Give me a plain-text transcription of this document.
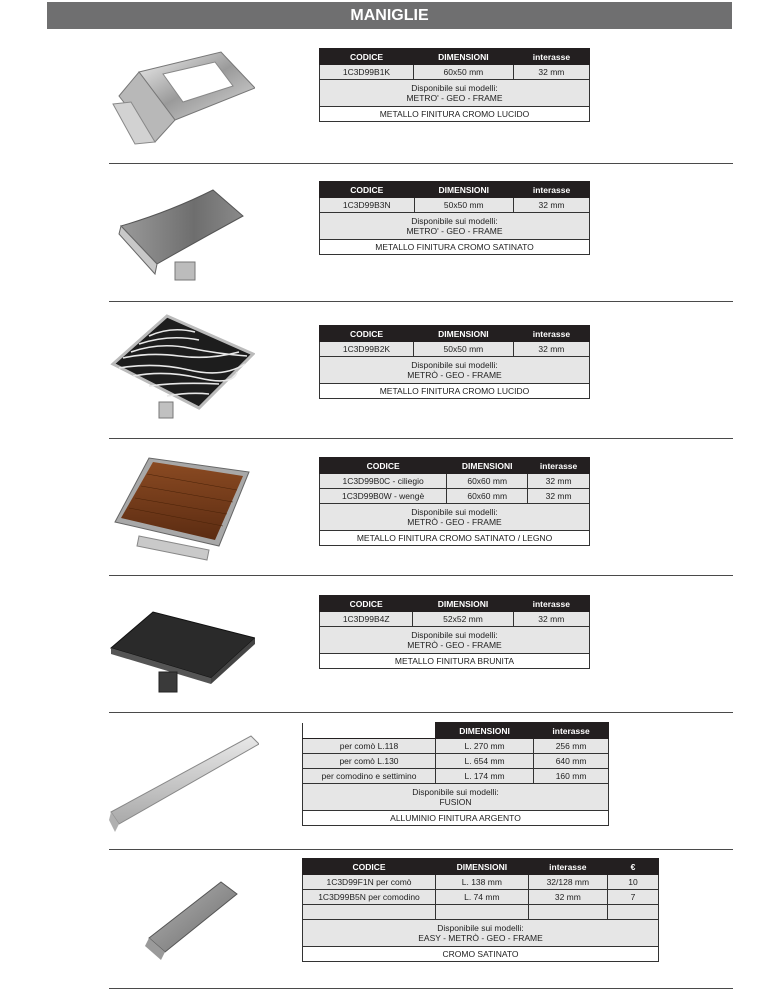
MANIGLIE
CODICE	DIMENSIONI	interasse
1C3D99B1K	60x50 mm	32 mm

Disponibile sui modelli:
METRO' - GEO - FRAME		

METALLO FINITURA CROMO LUCIDO		
CODICE	DIMENSIONI	interasse
1C3D99B3N	50x50 mm	32 mm

Disponibile sui modelli:
METRO' - GEO - FRAME		

METALLO FINITURA CROMO SATINATO		
CODICE	DIMENSIONI	interasse
1C3D99B2K	50x50 mm	32 mm

Disponibile sui modelli:
METRÒ - GEO - FRAME		

METALLO FINITURA CROMO LUCIDO		
CODICE	DIMENSIONI	interasse
1C3D99B0C - ciliegio	60x60 mm	32 mm
1C3D99B0W - wengè	60x60 mm	32 mm

Disponibile sui modelli:
METRÒ - GEO - FRAME		

METALLO FINITURA CROMO SATINATO / LEGNO		
CODICE	DIMENSIONI	interasse
1C3D99B4Z	52x52 mm	32 mm

Disponibile sui modelli:
METRÒ - GEO - FRAME		

METALLO FINITURA BRUNITA		
	DIMENSIONI	interasse
per comò L.118	L. 270 mm	256 mm
per comò L.130	L. 654 mm	640 mm
per comodino e settimino	L. 174 mm	160 mm

Disponibile sui modelli:
FUSION		

ALLUMINIO FINITURA ARGENTO		
CODICE	DIMENSIONI	interasse	€
1C3D99F1N per comò	L. 138 mm	32/128 mm	10
1C3D99B5N per comodino	L. 74 mm	32 mm	7

Disponibile sui modelli:
EASY - METRÒ - GEO - FRAME			

CROMO SATINATO			
